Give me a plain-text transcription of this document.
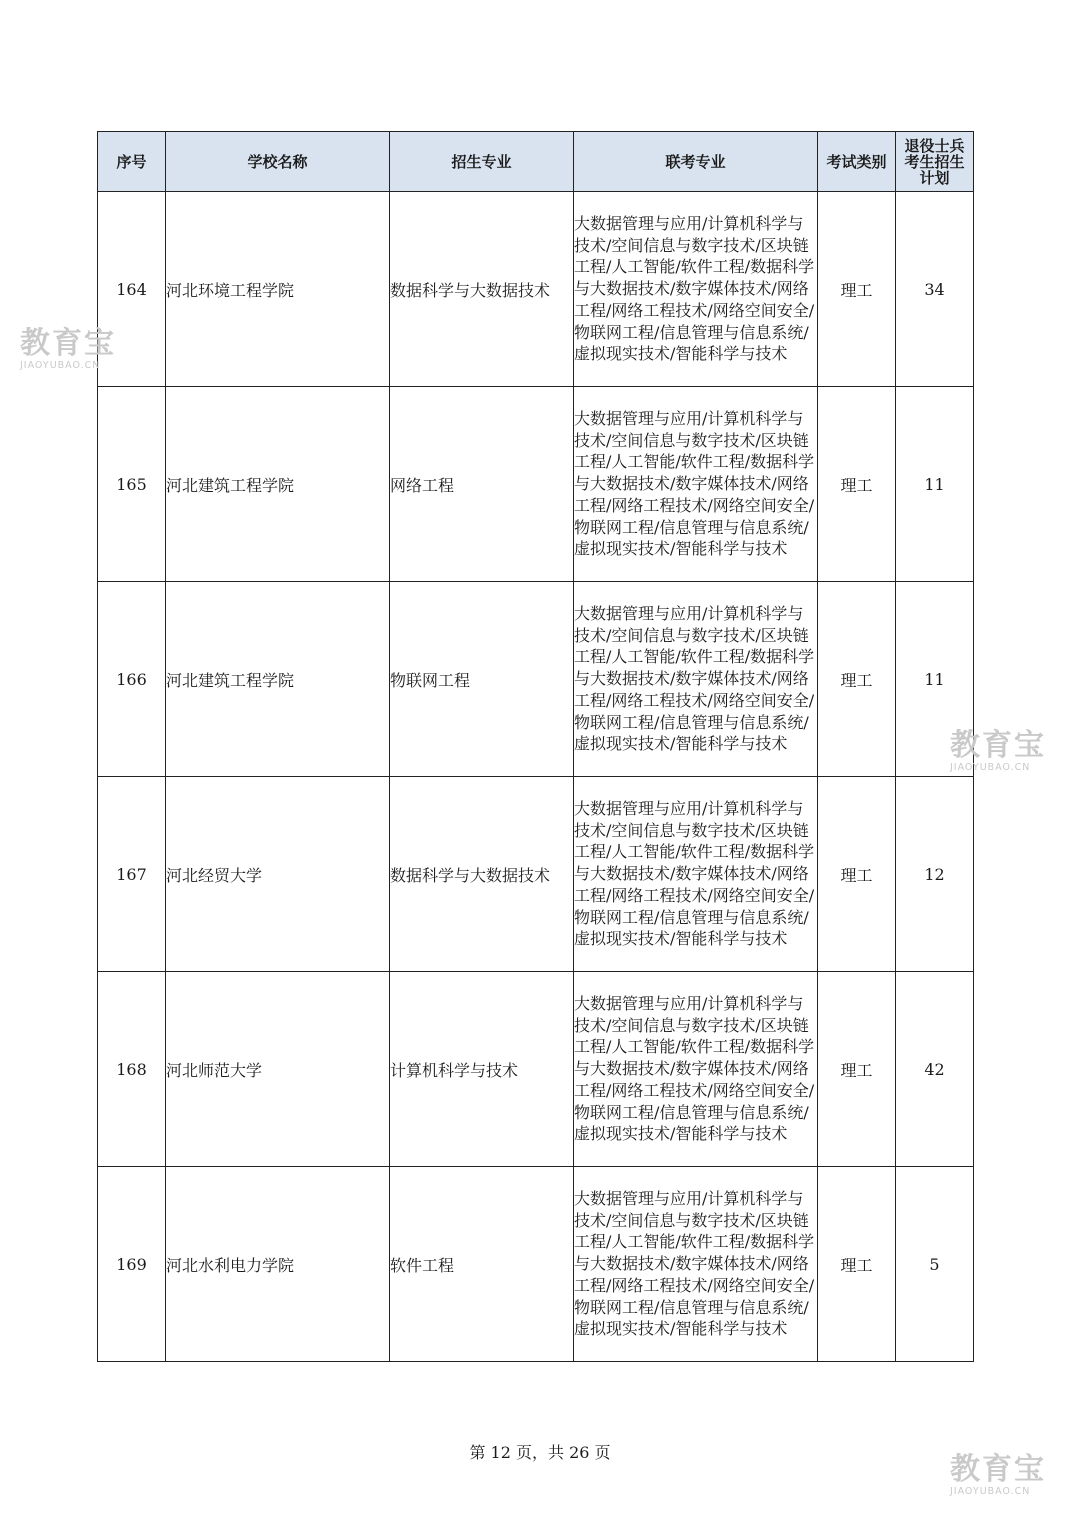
序号	学校名称	招生专业	联考专业	考试类别	退役士兵考生招生计划
164	河北环境工程学院	数据科学与大数据技术	大数据管理与应用/计算机科学与技术/空间信息与数字技术/区块链工程/人工智能/软件工程/数据科学与大数据技术/数字媒体技术/网络工程/网络工程技术/网络空间安全/物联网工程/信息管理与信息系统/虚拟现实技术/智能科学与技术	理工	34
165	河北建筑工程学院	网络工程	大数据管理与应用/计算机科学与技术/空间信息与数字技术/区块链工程/人工智能/软件工程/数据科学与大数据技术/数字媒体技术/网络工程/网络工程技术/网络空间安全/物联网工程/信息管理与信息系统/虚拟现实技术/智能科学与技术	理工	11
166	河北建筑工程学院	物联网工程	大数据管理与应用/计算机科学与技术/空间信息与数字技术/区块链工程/人工智能/软件工程/数据科学与大数据技术/数字媒体技术/网络工程/网络工程技术/网络空间安全/物联网工程/信息管理与信息系统/虚拟现实技术/智能科学与技术	理工	11
167	河北经贸大学	数据科学与大数据技术	大数据管理与应用/计算机科学与技术/空间信息与数字技术/区块链工程/人工智能/软件工程/数据科学与大数据技术/数字媒体技术/网络工程/网络工程技术/网络空间安全/物联网工程/信息管理与信息系统/虚拟现实技术/智能科学与技术	理工	12
168	河北师范大学	计算机科学与技术	大数据管理与应用/计算机科学与技术/空间信息与数字技术/区块链工程/人工智能/软件工程/数据科学与大数据技术/数字媒体技术/网络工程/网络工程技术/网络空间安全/物联网工程/信息管理与信息系统/虚拟现实技术/智能科学与技术	理工	42
169	河北水利电力学院	软件工程	大数据管理与应用/计算机科学与技术/空间信息与数字技术/区块链工程/人工智能/软件工程/数据科学与大数据技术/数字媒体技术/网络工程/网络工程技术/网络空间安全/物联网工程/信息管理与信息系统/虚拟现实技术/智能科学与技术	理工	5
第 12 页，共 26 页
教育宝
JIAOYUBAO.CN
教育宝
JIAOYUBAO.CN
教育宝
JIAOYUBAO.CN
